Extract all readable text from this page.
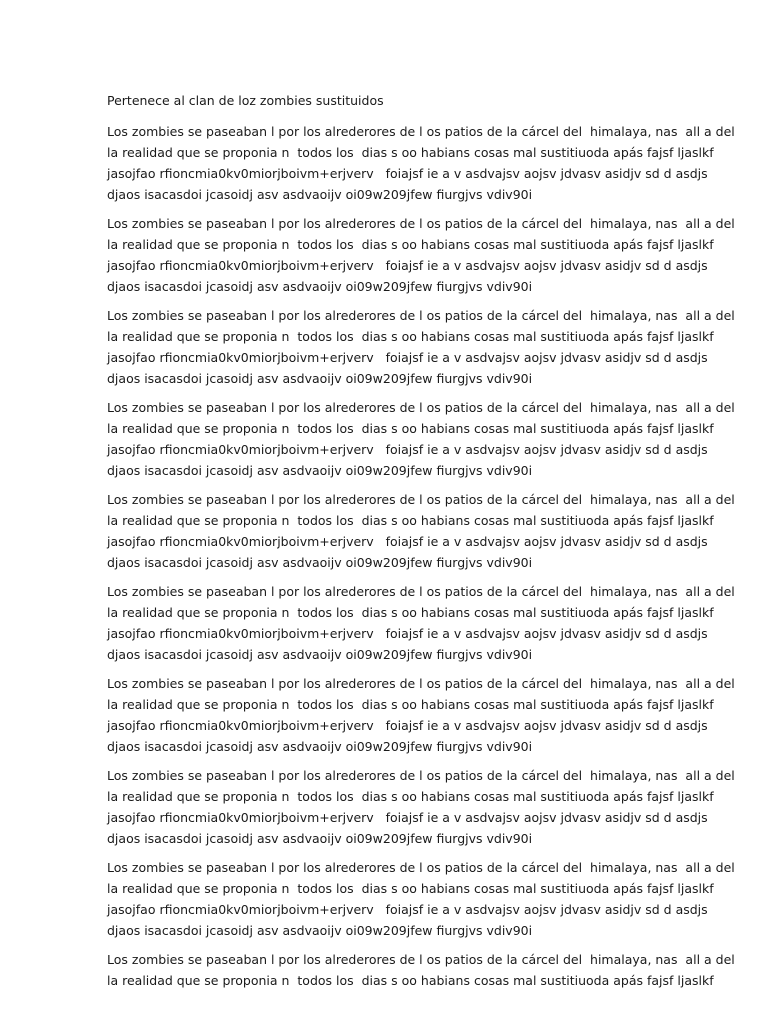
Pertenece al clan de loz zombies sustituidos
Los zombies se paseaban l por los alrederores de l os patios de la cárcel del  himalaya, nas  all a del
la realidad que se proponia n  todos los  dias s oo habians cosas mal sustitiuoda apás fajsf ljaslkf
jasojfao rfioncmia0kv0miorjboivm+erjverv   foiajsf ie a v asdvajsv aojsv jdvasv asidjv sd d asdjs
djaos isacasdoi jcasoidj asv asdvaoijv oi09w209jfew fiurgjvs vdiv90i
Los zombies se paseaban l por los alrederores de l os patios de la cárcel del  himalaya, nas  all a del
la realidad que se proponia n  todos los  dias s oo habians cosas mal sustitiuoda apás fajsf ljaslkf
jasojfao rfioncmia0kv0miorjboivm+erjverv   foiajsf ie a v asdvajsv aojsv jdvasv asidjv sd d asdjs
djaos isacasdoi jcasoidj asv asdvaoijv oi09w209jfew fiurgjvs vdiv90i
Los zombies se paseaban l por los alrederores de l os patios de la cárcel del  himalaya, nas  all a del
la realidad que se proponia n  todos los  dias s oo habians cosas mal sustitiuoda apás fajsf ljaslkf
jasojfao rfioncmia0kv0miorjboivm+erjverv   foiajsf ie a v asdvajsv aojsv jdvasv asidjv sd d asdjs
djaos isacasdoi jcasoidj asv asdvaoijv oi09w209jfew fiurgjvs vdiv90i
Los zombies se paseaban l por los alrederores de l os patios de la cárcel del  himalaya, nas  all a del
la realidad que se proponia n  todos los  dias s oo habians cosas mal sustitiuoda apás fajsf ljaslkf
jasojfao rfioncmia0kv0miorjboivm+erjverv   foiajsf ie a v asdvajsv aojsv jdvasv asidjv sd d asdjs
djaos isacasdoi jcasoidj asv asdvaoijv oi09w209jfew fiurgjvs vdiv90i
Los zombies se paseaban l por los alrederores de l os patios de la cárcel del  himalaya, nas  all a del
la realidad que se proponia n  todos los  dias s oo habians cosas mal sustitiuoda apás fajsf ljaslkf
jasojfao rfioncmia0kv0miorjboivm+erjverv   foiajsf ie a v asdvajsv aojsv jdvasv asidjv sd d asdjs
djaos isacasdoi jcasoidj asv asdvaoijv oi09w209jfew fiurgjvs vdiv90i
Los zombies se paseaban l por los alrederores de l os patios de la cárcel del  himalaya, nas  all a del
la realidad que se proponia n  todos los  dias s oo habians cosas mal sustitiuoda apás fajsf ljaslkf
jasojfao rfioncmia0kv0miorjboivm+erjverv   foiajsf ie a v asdvajsv aojsv jdvasv asidjv sd d asdjs
djaos isacasdoi jcasoidj asv asdvaoijv oi09w209jfew fiurgjvs vdiv90i
Los zombies se paseaban l por los alrederores de l os patios de la cárcel del  himalaya, nas  all a del
la realidad que se proponia n  todos los  dias s oo habians cosas mal sustitiuoda apás fajsf ljaslkf
jasojfao rfioncmia0kv0miorjboivm+erjverv   foiajsf ie a v asdvajsv aojsv jdvasv asidjv sd d asdjs
djaos isacasdoi jcasoidj asv asdvaoijv oi09w209jfew fiurgjvs vdiv90i
Los zombies se paseaban l por los alrederores de l os patios de la cárcel del  himalaya, nas  all a del
la realidad que se proponia n  todos los  dias s oo habians cosas mal sustitiuoda apás fajsf ljaslkf
jasojfao rfioncmia0kv0miorjboivm+erjverv   foiajsf ie a v asdvajsv aojsv jdvasv asidjv sd d asdjs
djaos isacasdoi jcasoidj asv asdvaoijv oi09w209jfew fiurgjvs vdiv90i
Los zombies se paseaban l por los alrederores de l os patios de la cárcel del  himalaya, nas  all a del
la realidad que se proponia n  todos los  dias s oo habians cosas mal sustitiuoda apás fajsf ljaslkf
jasojfao rfioncmia0kv0miorjboivm+erjverv   foiajsf ie a v asdvajsv aojsv jdvasv asidjv sd d asdjs
djaos isacasdoi jcasoidj asv asdvaoijv oi09w209jfew fiurgjvs vdiv90i
Los zombies se paseaban l por los alrederores de l os patios de la cárcel del  himalaya, nas  all a del
la realidad que se proponia n  todos los  dias s oo habians cosas mal sustitiuoda apás fajsf ljaslkf
